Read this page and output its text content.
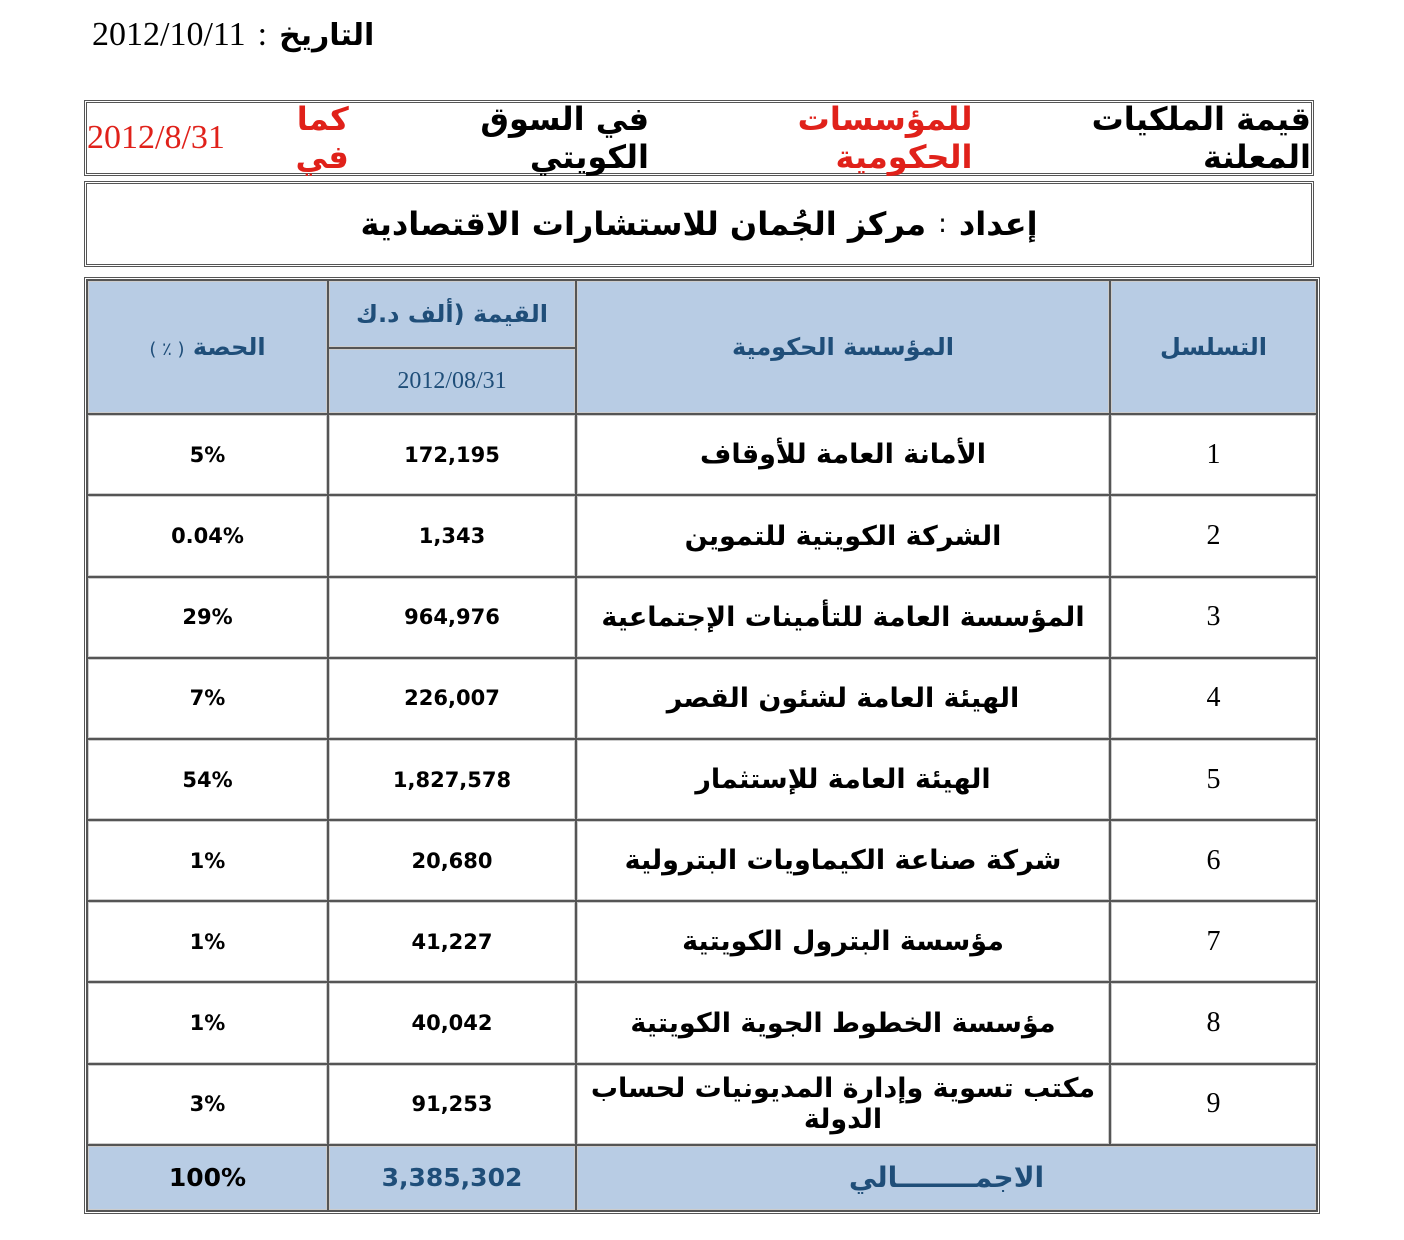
2012/10/11 : التاريخ
قيمة الملكيات المعلنة

للمؤسسات الحكومية

في السوق الكويتي

كما في

2012/8/31
إعداد
:
مركز الجُمان للاستشارات الاقتصادية
التسلسل	المؤسسة الحكومية	القيمة (ألف د.ك	الحصة ( ٪ )
		2012/08/31	
1	الأمانة العامة للأوقاف	172,195	5%
2	الشركة الكويتية للتموين	1,343	0.04%
3	المؤسسة العامة للتأمينات الإجتماعية	964,976	29%
4	الهيئة العامة لشئون القصر	226,007	7%
5	الهيئة العامة للإستثمار	1,827,578	54%
6	شركة صناعة الكيماويات البترولية	20,680	1%
7	مؤسسة البترول الكويتية	41,227	1%
8	مؤسسة الخطوط الجوية الكويتية	40,042	1%
9	مكتب تسوية وإدارة المديونيات لحساب الدولة	91,253	3%
الاجمــــــــالي		3,385,302	100%
